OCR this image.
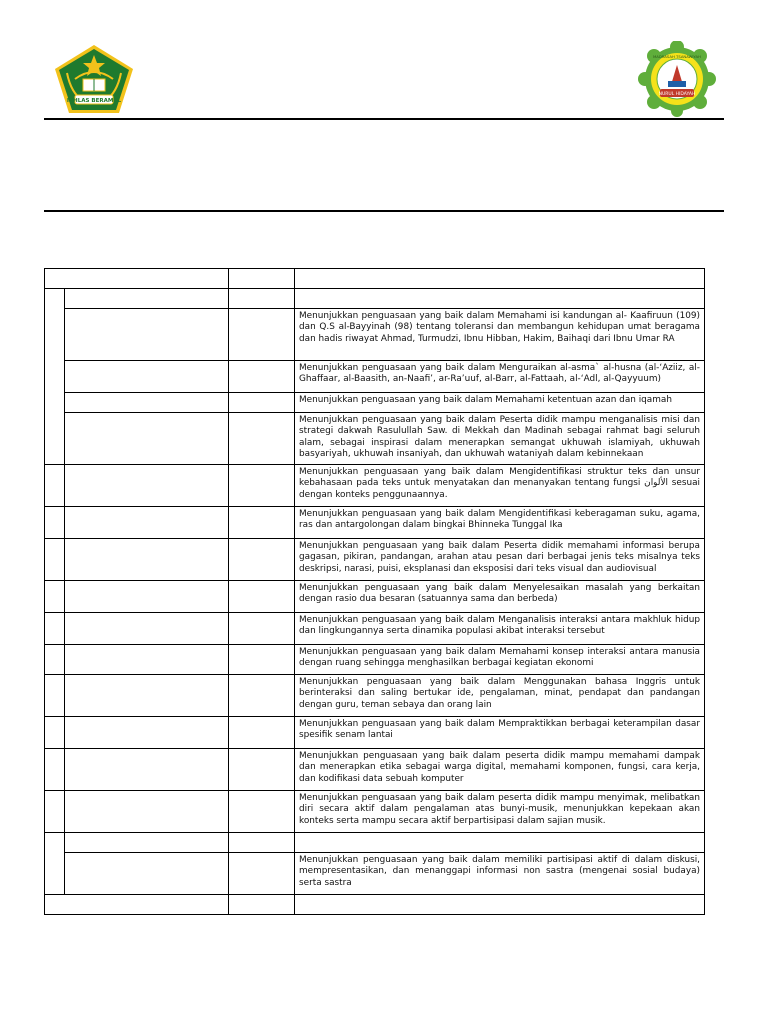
IKHLAS BERAMAL
NURUL HIDAYAH
MADRASAH TSANAWIYAH

			Menunjukkan penguasaan yang baik dalam Memahami isi kandungan al- Kaafiruun (109) dan Q.S al-Bayyinah (98) tentang toleransi dan membangun kehidupan umat beragama dan hadis riwayat Ahmad, Turmudzi, Ibnu Hibban, Hakim, Baihaqi dari Ibnu Umar RA
			Menunjukkan penguasaan yang baik dalam Menguraikan al-asma` al-husna (al-‘Aziiz, al-Ghaffaar, al-Baasith, an-Naafi’, ar-Ra’uuf, al-Barr, al-Fattaah, al-‘Adl, al-Qayyuum)
			Menunjukkan penguasaan yang baik dalam Memahami ketentuan azan dan iqamah
			Menunjukkan penguasaan yang baik dalam Peserta didik mampu menganalisis misi dan strategi dakwah Rasulullah Saw. di Mekkah dan Madinah sebagai rahmat bagi seluruh alam, sebagai inspirasi dalam menerapkan semangat ukhuwah islamiyah, ukhuwah basyariyah, ukhuwah insaniyah, dan ukhuwah wataniyah dalam kebinnekaan
			Menunjukkan penguasaan yang baik dalam Mengidentifikasi struktur teks dan unsur kebahasaan pada teks untuk menyatakan dan menanyakan tentang fungsi الألوان sesuai dengan konteks penggunaannya.
			Menunjukkan penguasaan yang baik dalam Mengidentifikasi keberagaman suku, agama, ras dan antargolongan dalam bingkai Bhinneka Tunggal Ika
			Menunjukkan penguasaan yang baik dalam Peserta didik memahami informasi berupa gagasan, pikiran, pandangan, arahan atau pesan dari berbagai jenis teks misalnya teks deskripsi, narasi, puisi, eksplanasi dan eksposisi dari teks visual dan audiovisual
			Menunjukkan penguasaan yang baik dalam Menyelesaikan masalah yang berkaitan dengan rasio dua besaran (satuannya sama dan berbeda)
			Menunjukkan penguasaan yang baik dalam Menganalisis interaksi antara makhluk hidup dan lingkungannya serta dinamika populasi akibat interaksi tersebut
			Menunjukkan penguasaan yang baik dalam Memahami konsep interaksi antara manusia dengan ruang sehingga menghasilkan berbagai kegiatan ekonomi
			Menunjukkan penguasaan yang baik dalam Menggunakan bahasa Inggris untuk berinteraksi dan saling bertukar ide, pengalaman, minat, pendapat dan pandangan dengan guru, teman sebaya dan orang lain
			Menunjukkan penguasaan yang baik dalam Mempraktikkan berbagai keterampilan dasar spesifik senam lantai
			Menunjukkan penguasaan yang baik dalam peserta didik mampu memahami dampak dan menerapkan etika sebagai warga digital, memahami komponen, fungsi, cara kerja, dan kodifikasi data sebuah komputer
			Menunjukkan penguasaan yang baik dalam peserta didik mampu menyimak, melibatkan diri secara aktif dalam pengalaman atas bunyi-musik, menunjukkan kepekaan akan konteks serta mampu secara aktif berpartisipasi dalam sajian musik.

			Menunjukkan penguasaan yang baik dalam memiliki partisipasi aktif di dalam diskusi, mempresentasikan, dan menanggapi informasi non sastra (mengenai sosial budaya) serta sastra
